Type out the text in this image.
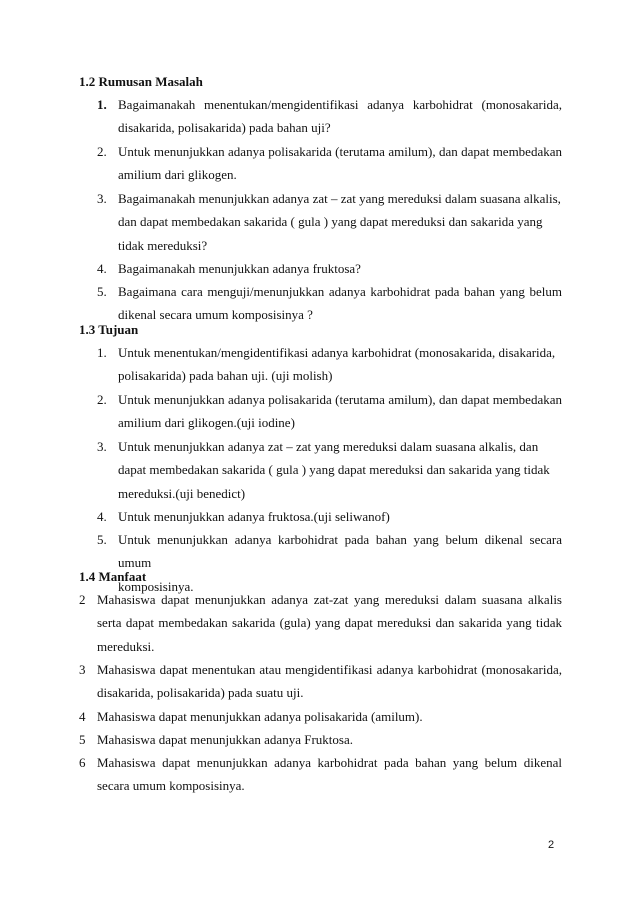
1.2 Rumusan Masalah
1. Bagaimanakah menentukan/mengidentifikasi adanya karbohidrat (monosakarida,
disakarida, polisakarida) pada bahan uji?
2. Untuk menunjukkan adanya polisakarida (terutama amilum), dan dapat membedakan
amilium dari glikogen.
3. Bagaimanakah menunjukkan adanya zat – zat yang mereduksi dalam suasana alkalis,
dan dapat membedakan sakarida ( gula ) yang dapat mereduksi dan sakarida yang
tidak mereduksi?
4. Bagaimanakah menunjukkan adanya fruktosa?
5. Bagaimana cara menguji/menunjukkan adanya karbohidrat pada bahan yang belum
dikenal secara umum komposisinya ?
1.3 Tujuan
1. Untuk menentukan/mengidentifikasi adanya karbohidrat (monosakarida, disakarida,
polisakarida) pada bahan uji. (uji molish)
2. Untuk menunjukkan adanya polisakarida (terutama amilum), dan dapat membedakan
amilium dari glikogen.(uji iodine)
3. Untuk menunjukkan adanya zat – zat yang mereduksi dalam suasana alkalis, dan
dapat membedakan sakarida ( gula ) yang dapat mereduksi dan sakarida yang tidak
mereduksi.(uji benedict)
4. Untuk menunjukkan adanya fruktosa.(uji seliwanof)
5. Untuk menunjukkan adanya karbohidrat pada bahan yang belum dikenal secara umum
komposisinya.
1.4 Manfaat
2 Mahasiswa dapat menunjukkan adanya zat-zat yang mereduksi dalam suasana alkalis
serta dapat membedakan sakarida (gula) yang dapat mereduksi dan sakarida yang tidak
mereduksi.
3 Mahasiswa dapat menentukan atau mengidentifikasi adanya karbohidrat (monosakarida,
disakarida, polisakarida) pada suatu uji.
4 Mahasiswa dapat menunjukkan adanya polisakarida (amilum).
5 Mahasiswa dapat menunjukkan adanya Fruktosa.
6 Mahasiswa dapat menunjukkan adanya karbohidrat pada bahan yang belum dikenal
secara umum komposisinya.
2
